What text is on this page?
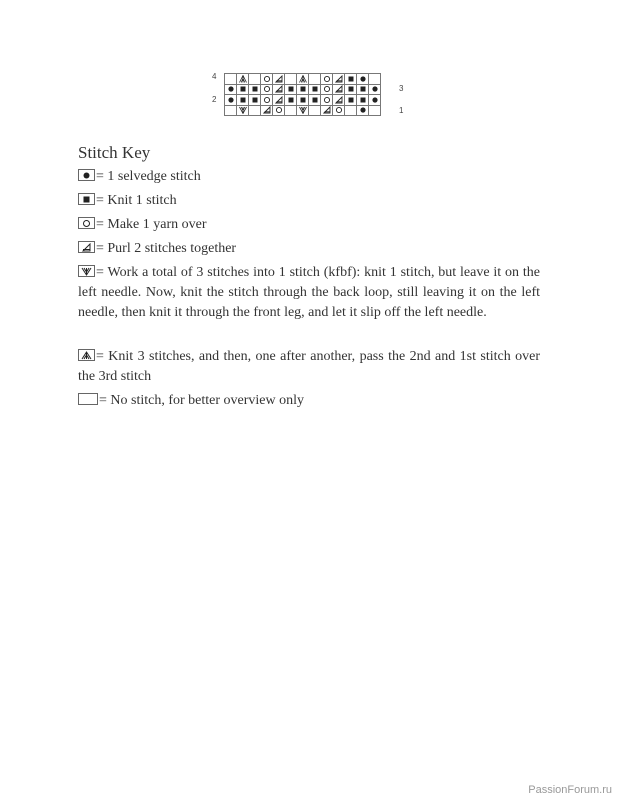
4
2
3
1
Stitch Key
= 1 selvedge stitch
= Knit 1 stitch
= Make 1 yarn over
= Purl 2 stitches together
= Work a total of 3 stitches into 1 stitch (kfbf): knit 1 stitch, but leave it on the left needle. Now, knit the stitch through the back loop, still leaving it on the left needle, then knit it through the front leg, and let it slip off the left needle.
= Knit 3 stitches, and then, one after another, pass the 2nd and 1st stitch over the 3rd stitch
= No stitch, for better overview only
PassionForum.ru
